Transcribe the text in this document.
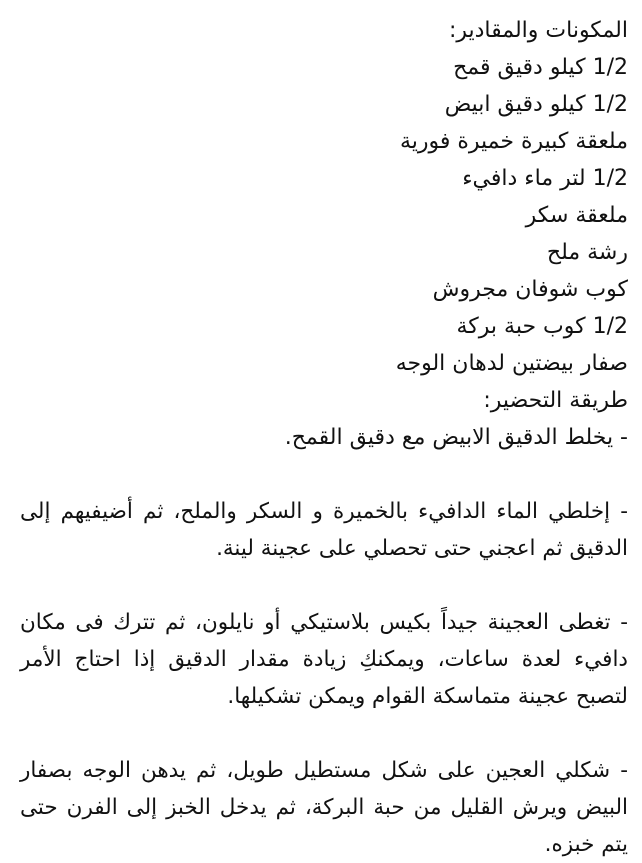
المكونات والمقادير:

1/2 كيلو دقيق قمح

1/2 كيلو دقيق ابيض

ملعقة كبيرة خميرة فورية

1/2 لتر ماء دافيء

ملعقة سكر

رشة ملح

كوب شوفان مجروش

1/2 كوب حبة بركة

صفار بيضتين لدهان الوجه

طريقة التحضير:

- يخلط الدقيق الابيض مع دقيق القمح.

- إخلطي الماء الدافيء بالخميرة و السكر والملح، ثم أضيفيهم إلى الدقيق ثم اعجني حتى تحصلي على عجينة لينة.

- تغطى العجينة جيداً بكيس بلاستيكي أو نايلون، ثم تترك فى مكان دافيء لعدة ساعات، ويمكنكِ زيادة مقدار الدقيق إذا احتاج الأمر لتصبح عجينة متماسكة القوام ويمكن تشكيلها.

- شكلي العجين على شكل مستطيل طويل، ثم يدهن الوجه بصفار البيض ويرش القليل من حبة البركة، ثم يدخل الخبز إلى الفرن حتى يتم خبزه.
